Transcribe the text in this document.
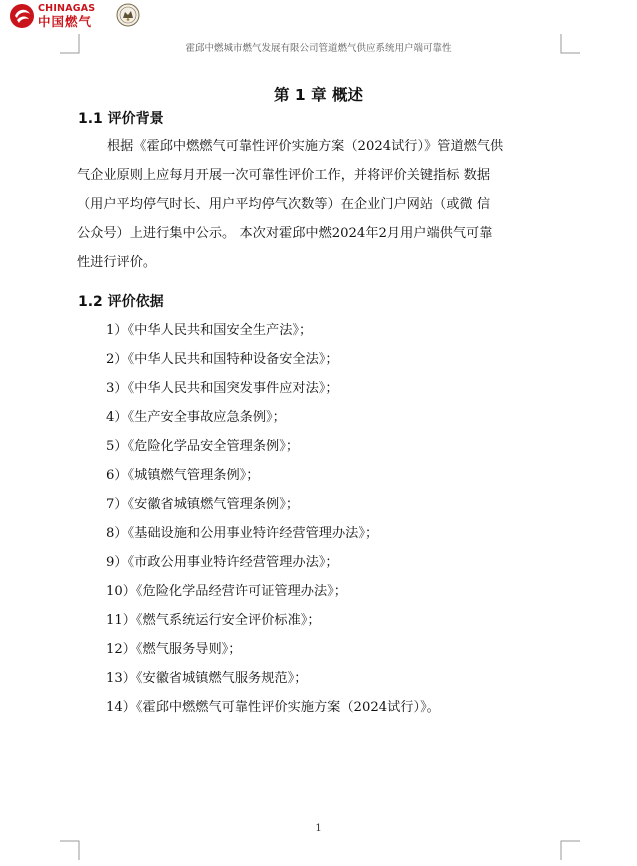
CHINAGAS
中国燃气
霍邱中燃城市燃气发展有限公司管道燃气供应系统用户端可靠性
第 1 章 概述
1.1 评价背景
根据《霍邱中燃燃气可靠性评价实施方案（2024试行）》管道燃气供
气企业原则上应每月开展一次可靠性评价工作，并将评价关键指标 数据
（用户平均停气时长、用户平均停气次数等）在企业门户网站（或微 信
公众号）上进行集中公示。 本次对霍邱中燃2024年2月用户端供气可靠
性进行评价。
1.2 评价依据
1）《中华人民共和国安全生产法》；
2）《中华人民共和国特种设备安全法》；
3）《中华人民共和国突发事件应对法》；
4）《生产安全事故应急条例》；
5）《危险化学品安全管理条例》；
6）《城镇燃气管理条例》；
7）《安徽省城镇燃气管理条例》；
8）《基础设施和公用事业特许经营管理办法》；
9）《市政公用事业特许经营管理办法》；
10）《危险化学品经营许可证管理办法》；
11）《燃气系统运行安全评价标准》；
12）《燃气服务导则》；
13）《安徽省城镇燃气服务规范》；
14）《霍邱中燃燃气可靠性评价实施方案（2024试行）》。
1
